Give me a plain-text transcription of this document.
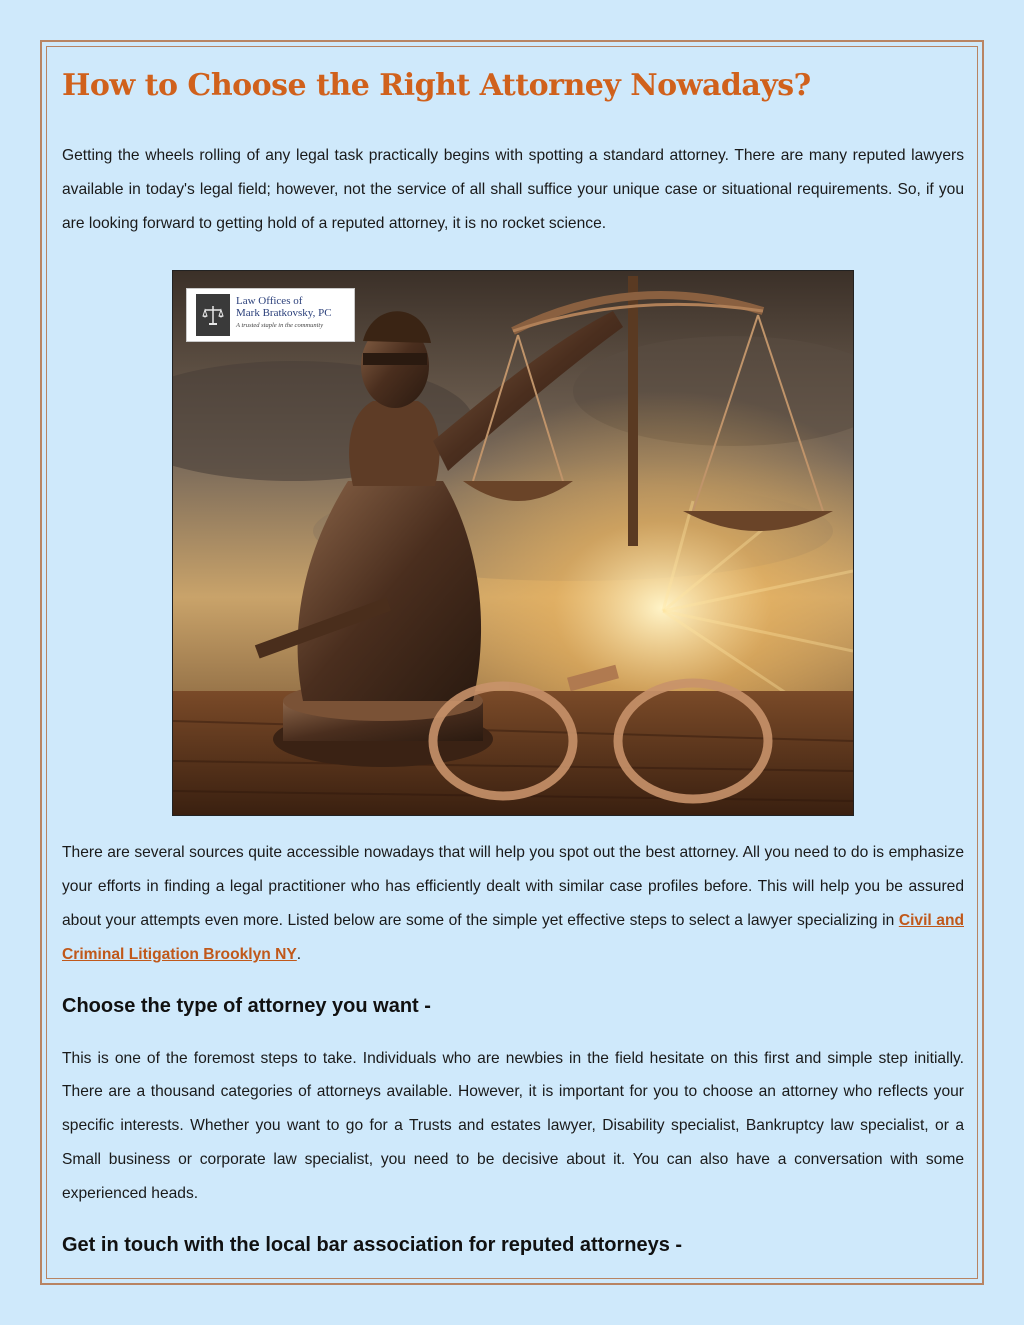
How to Choose the Right Attorney Nowadays?

Getting the wheels rolling of any legal task practically begins with spotting a standard attorney. There are many reputed lawyers available in today's legal field; however, not the service of all shall suffice your unique case or situational requirements. So, if you are looking forward to getting hold of a reputed attorney, it is no rocket science.

Law Offices of
Mark Bratkovsky, PC
A trusted staple in the community

There are several sources quite accessible nowadays that will help you spot out the best attorney. All you need to do is emphasize your efforts in finding a legal practitioner who has efficiently dealt with similar case profiles before. This will help you be assured about your attempts even more. Listed below are some of the simple yet effective steps to select a lawyer specializing in Civil and Criminal Litigation Brooklyn NY.

Choose the type of attorney you want -

This is one of the foremost steps to take. Individuals who are newbies in the field hesitate on this first and simple step initially. There are a thousand categories of attorneys available. However, it is important for you to choose an attorney who reflects your specific interests. Whether you want to go for a Trusts and estates lawyer, Disability specialist, Bankruptcy law specialist, or a Small business or corporate law specialist, you need to be decisive about it. You can also have a conversation with some experienced heads.

Get in touch with the local bar association for reputed attorneys -
